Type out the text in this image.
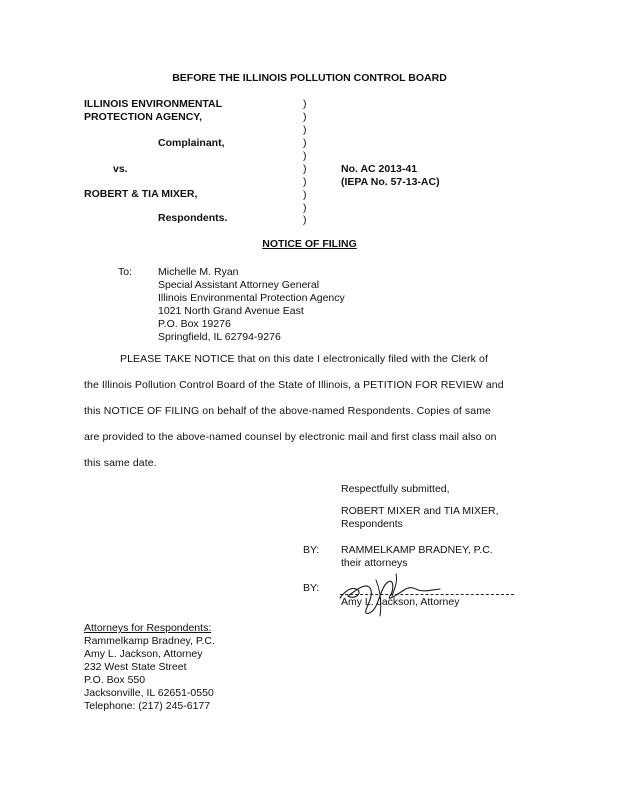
BEFORE THE ILLINOIS POLLUTION CONTROL BOARD
ILLINOIS ENVIRONMENTAL
PROTECTION AGENCY,
Complainant,
vs.
ROBERT & TIA MIXER,
Respondents.
)
)
)
)
)
)
)
)
)
)
No. AC 2013-41
(IEPA No. 57-13-AC)
NOTICE OF FILING
To: Michelle M. Ryan
Special Assistant Attorney General
Illinois Environmental Protection Agency
1021 North Grand Avenue East
P.O. Box 19276
Springfield, IL 62794-9276
PLEASE TAKE NOTICE that on this date I electronically filed with the Clerk of
the Illinois Pollution Control Board of the State of Illinois, a PETITION FOR REVIEW and
this NOTICE OF FILING on behalf of the above-named Respondents. Copies of same
are provided to the above-named counsel by electronic mail and first class mail also on
this same date.
Respectfully submitted,
ROBERT MIXER and TIA MIXER,
Respondents
BY: RAMMELKAMP BRADNEY, P.C.
their attorneys
BY:
Amy L. Jackson, Attorney
Attorneys for Respondents:
Rammelkamp Bradney, P.C.
Amy L. Jackson, Attorney
232 West State Street
P.O. Box 550
Jacksonville, IL 62651-0550
Telephone: (217) 245-6177
